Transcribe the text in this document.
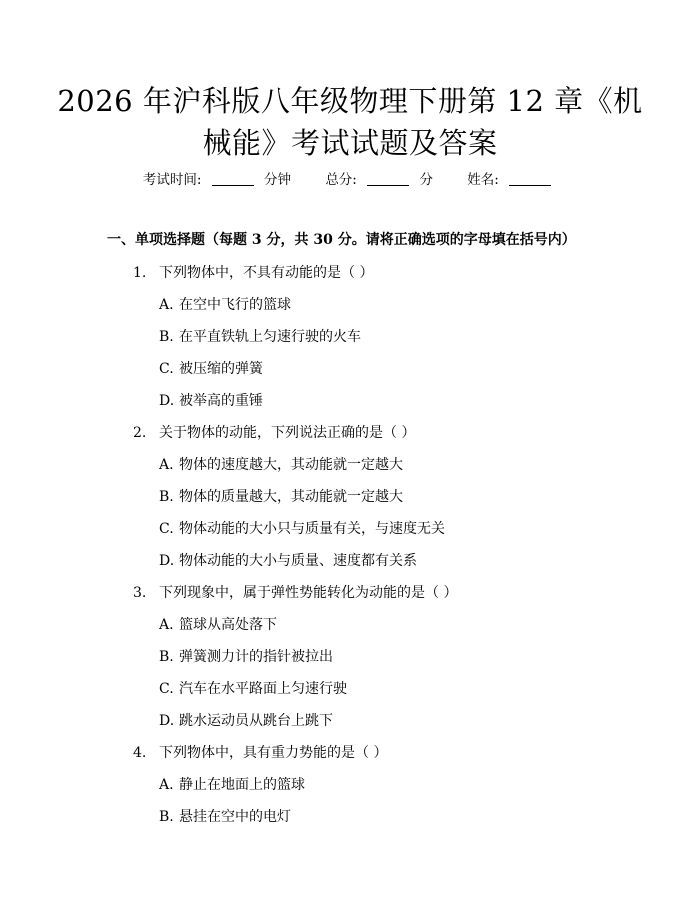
2026 年沪科版八年级物理下册第 12 章《机
械能》考试试题及答案
考试时间:	分钟	总分:	分	姓名:
一、单项选择题（每题 3 分，共 30 分。请将正确选项的字母填在括号内）
1. 下列物体中，不具有动能的是（ ）
A. 在空中飞行的篮球
B. 在平直铁轨上匀速行驶的火车
C. 被压缩的弹簧
D. 被举高的重锤
2. 关于物体的动能，下列说法正确的是（ ）
A. 物体的速度越大，其动能就一定越大
B. 物体的质量越大，其动能就一定越大
C. 物体动能的大小只与质量有关，与速度无关
D. 物体动能的大小与质量、速度都有关系
3. 下列现象中，属于弹性势能转化为动能的是（ ）
A. 篮球从高处落下
B. 弹簧测力计的指针被拉出
C. 汽车在水平路面上匀速行驶
D. 跳水运动员从跳台上跳下
4. 下列物体中，具有重力势能的是（ ）
A. 静止在地面上的篮球
B. 悬挂在空中的电灯
